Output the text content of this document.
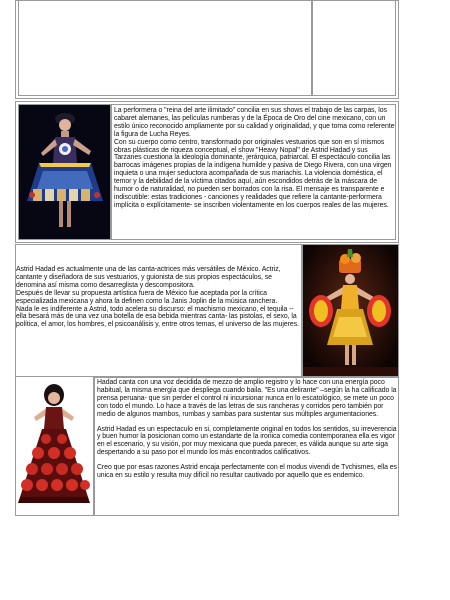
La performera o "reina del arte ilimitado" concilia en sus shows el trabajo de las carpas, los cabaret alemanes, las películas rumberas y de la Época de Oro del cine mexicano, con un estilo único reconocido ampliamente por su calidad y originalidad, y que toma como referente la figura de Lucha Reyes.

Con su cuerpo como centro, transformado por originales vestuarios que son en sí mismos obras plásticas de riqueza conceptual, el show "Heavy Nopal" de Astrid Hadad y sus Tarzanes cuestiona la ideología dominante, jerárquica, patriarcal. El espectáculo concilia las barrocas imágenes propias de la indígena humilde y pasiva de Diego Rivera, con una virgen inquieta o una mujer seductora acompañada de sus mariachis. La violencia doméstica, el temor y la debilidad de la víctima citados aquí, aún escondidos detrás de la máscara de humor o de naturalidad, no pueden ser borrados con la risa. El mensaje es transparente e indiscutible: estas tradiciones - canciones y realidades que refiere la cantante-performera implícita o explícitamente- se inscriben violentamente en los cuerpos reales de las mujeres.

Astrid Hadad es actualmente una de las canta-actrices más versátiles de México. Actriz, cantante y diseñadora de sus vestuarios, y guionista de sus propios espectáculos, se denomina así misma como desarreglista y descompositora.

Después de llevar su propuesta artística fuera de México fue aceptada por la crítica especializada mexicana y ahora la definen como la Janis Joplin de la música ranchera.

Nada le es indiferente a Astrid, todo acelera su discurso: el machismo mexicano, el tequila --ella besará más de una vez una botella de esa bebida mientras canta- las pistolas, el sexo, la política, el amor, los hombres, el psicoanálisis y, entre otros temas, el universo de las mujeres.

Hadad canta con una voz decidida de mezzo de amplio registro y lo hace con una energía poco habitual, la misma energía que despliega cuando baila. "Es una delirante" –según la ha calificado la prensa peruana- que sin perder el control ni incursionar nunca en lo escatológico, se mete un poco con todo el mundo. Lo hace a través de las letras de sus rancheras y corridos pero también por medio de algunos mambos, rumbas y sambas para sustentar sus múltiples argumentaciones.

Astrid Hadad es un espectaculo en si, completamente original en todos los sentidos, su irreverencia y buen humor la posicionan como un estandarte de la ironica comedia contemporanea ella es vigor en el escenario, y su visión, por muy mexicana que pueda parecer, es válida aunque su arte siga despertando a su paso por el mundo los más encontrados calificativos.

Creo que por esas razones Astrid encaja perfectamente con el modus vivendi de Tvchismes, ella es unica en su estilo y resulta muy difícil no resultar cautivado por aquello que es endemico.
